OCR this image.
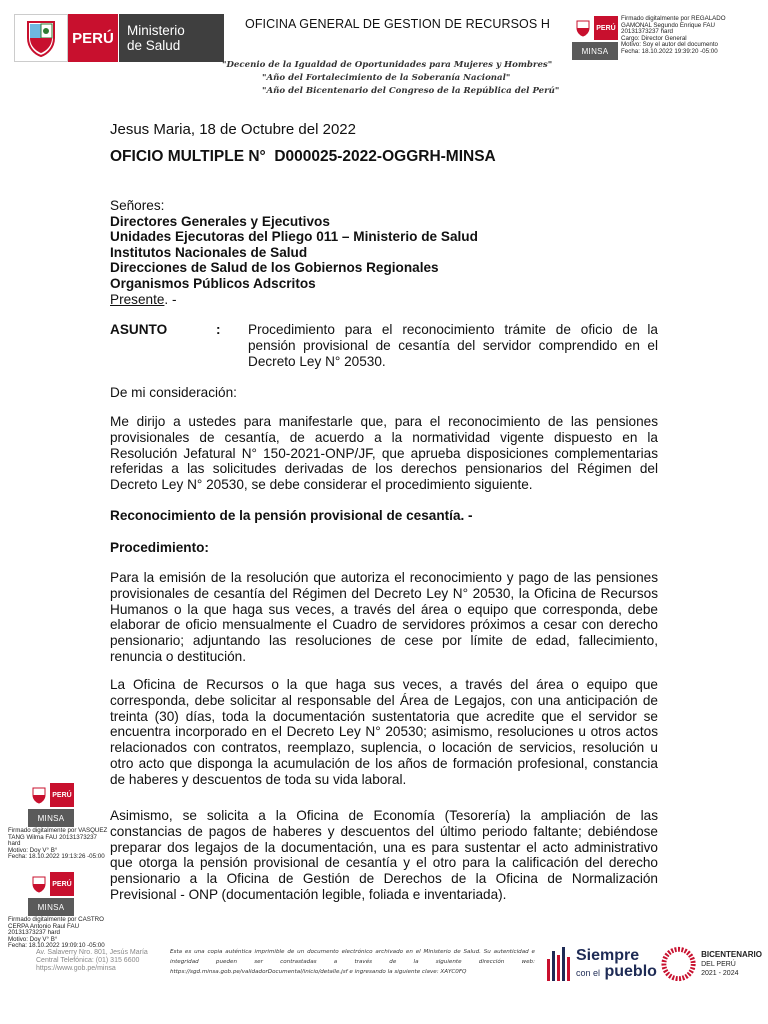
PERÚ Ministerio
de Salud
OFICINA GENERAL DE GESTION DE RECURSOS H	PERÚ
MINSA
Firmado digitalmente por REGALADO
GAMONAL Segundo Enrique FAU
20131373237 hard
Cargo: Director General
Motivo: Soy el autor del documento
Fecha: 18.10.2022 19:39:20 -05:00
"Decenio de la Igualdad de Oportunidades para Mujeres y Hombres"
"Año del Fortalecimiento de la Soberanía Nacional"
"Año del Bicentenario del Congreso de la República del Perú"
Jesus Maria, 18 de Octubre del 2022
OFICIO MULTIPLE N° D000025-2022-OGGRH-MINSA
Señores:
Directores Generales y Ejecutivos
Unidades Ejecutoras del Pliego 011 – Ministerio de Salud
Institutos Nacionales de Salud
Direcciones de Salud de los Gobiernos Regionales
Organismos Públicos Adscritos
Presente. -
ASUNTO	: Procedimiento para el reconocimiento trámite de oficio de la pensión provisional de cesantía del servidor comprendido en el Decreto Ley N° 20530.
De mi consideración:
Me dirijo a ustedes para manifestarle que, para el reconocimiento de las pensiones provisionales de cesantía, de acuerdo a la normatividad vigente dispuesto en la Resolución Jefatural N° 150-2021-ONP/JF, que aprueba disposiciones complementarias referidas a las solicitudes derivadas de los derechos pensionarios del Régimen del Decreto Ley N° 20530, se debe considerar el procedimiento siguiente.
Reconocimiento de la pensión provisional de cesantía. -
Procedimiento:
Para la emisión de la resolución que autoriza el reconocimiento y pago de las pensiones provisionales de cesantía del Régimen del Decreto Ley N° 20530, la Oficina de Recursos Humanos o la que haga sus veces, a través del área o equipo que corresponda, debe elaborar de oficio mensualmente el Cuadro de servidores próximos a cesar con derecho pensionario; adjuntando las resoluciones de cese por límite de edad, fallecimiento, renuncia o destitución.
La Oficina de Recursos o la que haga sus veces, a través del área o equipo que corresponda, debe solicitar al responsable del Área de Legajos, con una anticipación de treinta (30) días, toda la documentación sustentatoria que acredite que el servidor se encuentra incorporado en el Decreto Ley N° 20530; asimismo, resoluciones u otros actos relacionados con contratos, reemplazo, suplencia, o locación de servicios, resolución u otro acto que disponga la acumulación de los años de formación profesional, constancia de haberes y descuentos de toda su vida laboral.
Asimismo, se solicita a la Oficina de Economía (Tesorería) la ampliación de las constancias de pagos de haberes y descuentos del último periodo faltante; debiéndose preparar dos legajos de la documentación, una es para sustentar el acto administrativo que otorga la pensión provisional de cesantía y el otro para la calificación del derecho pensionario a la Oficina de Gestión de Derechos de la Oficina de Normalización Previsional - ONP (documentación legible, foliada e inventariada).
PERÚ
MINSA
Firmado digitalmente por VASQUEZ
TANG Wilma FAU 20131373237
hard
Motivo: Doy V° B°
Fecha: 18.10.2022 19:13:26 -05:00
PERÚ
MINSA
Firmado digitalmente por CASTRO
CERPA Antonio Raul FAU
20131373237 hard
Motivo: Doy V° B°
Fecha: 18.10.2022 19:09:10 -05:00
Av. Salaverry Nro. 801, Jesús María
Central Telefónica: (01) 315 6600
https://www.gob.pe/minsa
Esta es una copia auténtica imprimible de un documento electrónico archivado en el Ministerio de Salud. Su autenticidad e integridad pueden ser contrastadas a través de la siguiente dirección web: https://sgd.minsa.gob.pe/validadorDocumental/inicio/detalle.jsf e ingresando la siguiente clave: XAYC0FQ
Siempre
con el pueblo
BICENTENARIO
DEL PERÚ
2021 - 2024
